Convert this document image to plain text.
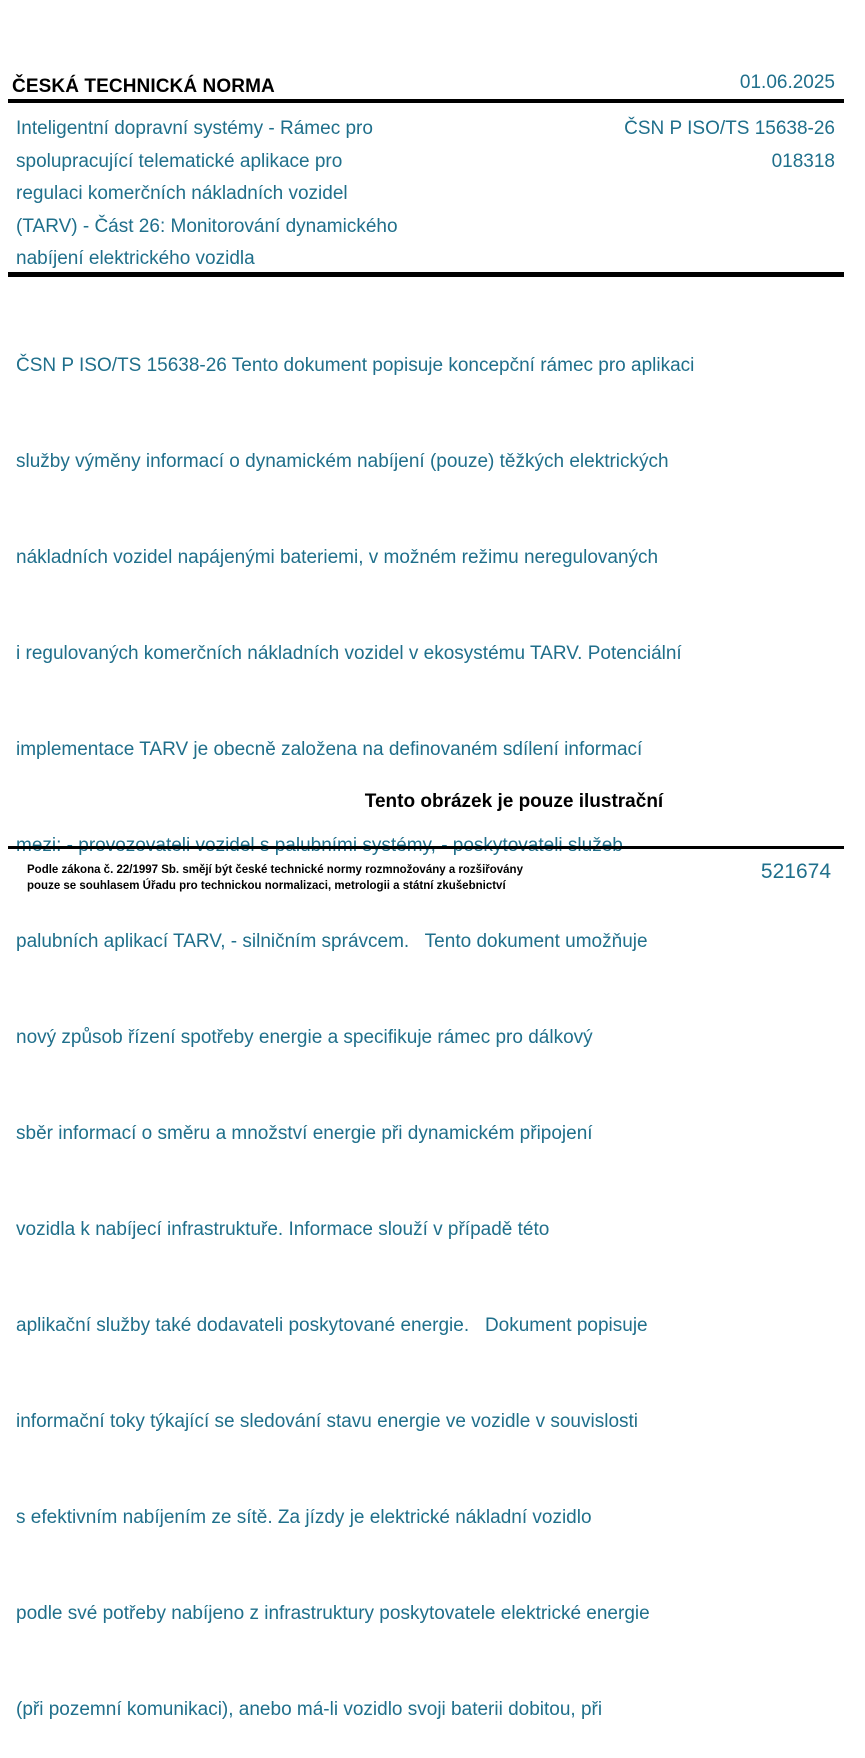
ČESKÁ TECHNICKÁ NORMA	01.06.2025
Inteligentní dopravní systémy - Rámec pro
spolupracující telematické aplikace pro
regulaci komerčních nákladních vozidel
(TARV) - Část 26: Monitorování dynamického
nabíjení elektrického vozidla
ČSN P ISO/TS 15638-26
018318

ČSN P ISO/TS 15638-26 Tento dokument popisuje koncepční rámec pro aplikaci

služby výměny informací o dynamickém nabíjení (pouze) těžkých elektrických

nákladních vozidel napájenými bateriemi, v možném režimu neregulovaných

i regulovaných komerčních nákladních vozidel v ekosystému TARV. Potenciální

implementace TARV je obecně založena na definovaném sdílení informací

palubních aplikací TARV, - silničním správcem.   Tento dokument umožňuje

nový způsob řízení spotřeby energie a specifikuje rámec pro dálkový

sběr informací o směru a množství energie při dynamickém připojení

vozidla k nabíjecí infrastruktuře. Informace slouží v případě této

aplikační služby také dodavateli poskytované energie.   Dokument popisuje

informační toky týkající se sledování stavu energie ve vozidle v souvislosti

s efektivním nabíjením ze sítě. Za jízdy je elektrické nákladní vozidlo

podle své potřeby nabíjeno z infrastruktury poskytovatele elektrické energie

(při pozemní komunikaci), anebo má-li vozidlo svoji baterii dobitou, při

Tento obrázek je pouze ilustrační
Podle zákona č. 22/1997 Sb. smějí být české technické normy rozmnožovány a rozšiřovány
pouze se souhlasem Úřadu pro technickou normalizaci, metrologii a státní zkušebnictví
521674
